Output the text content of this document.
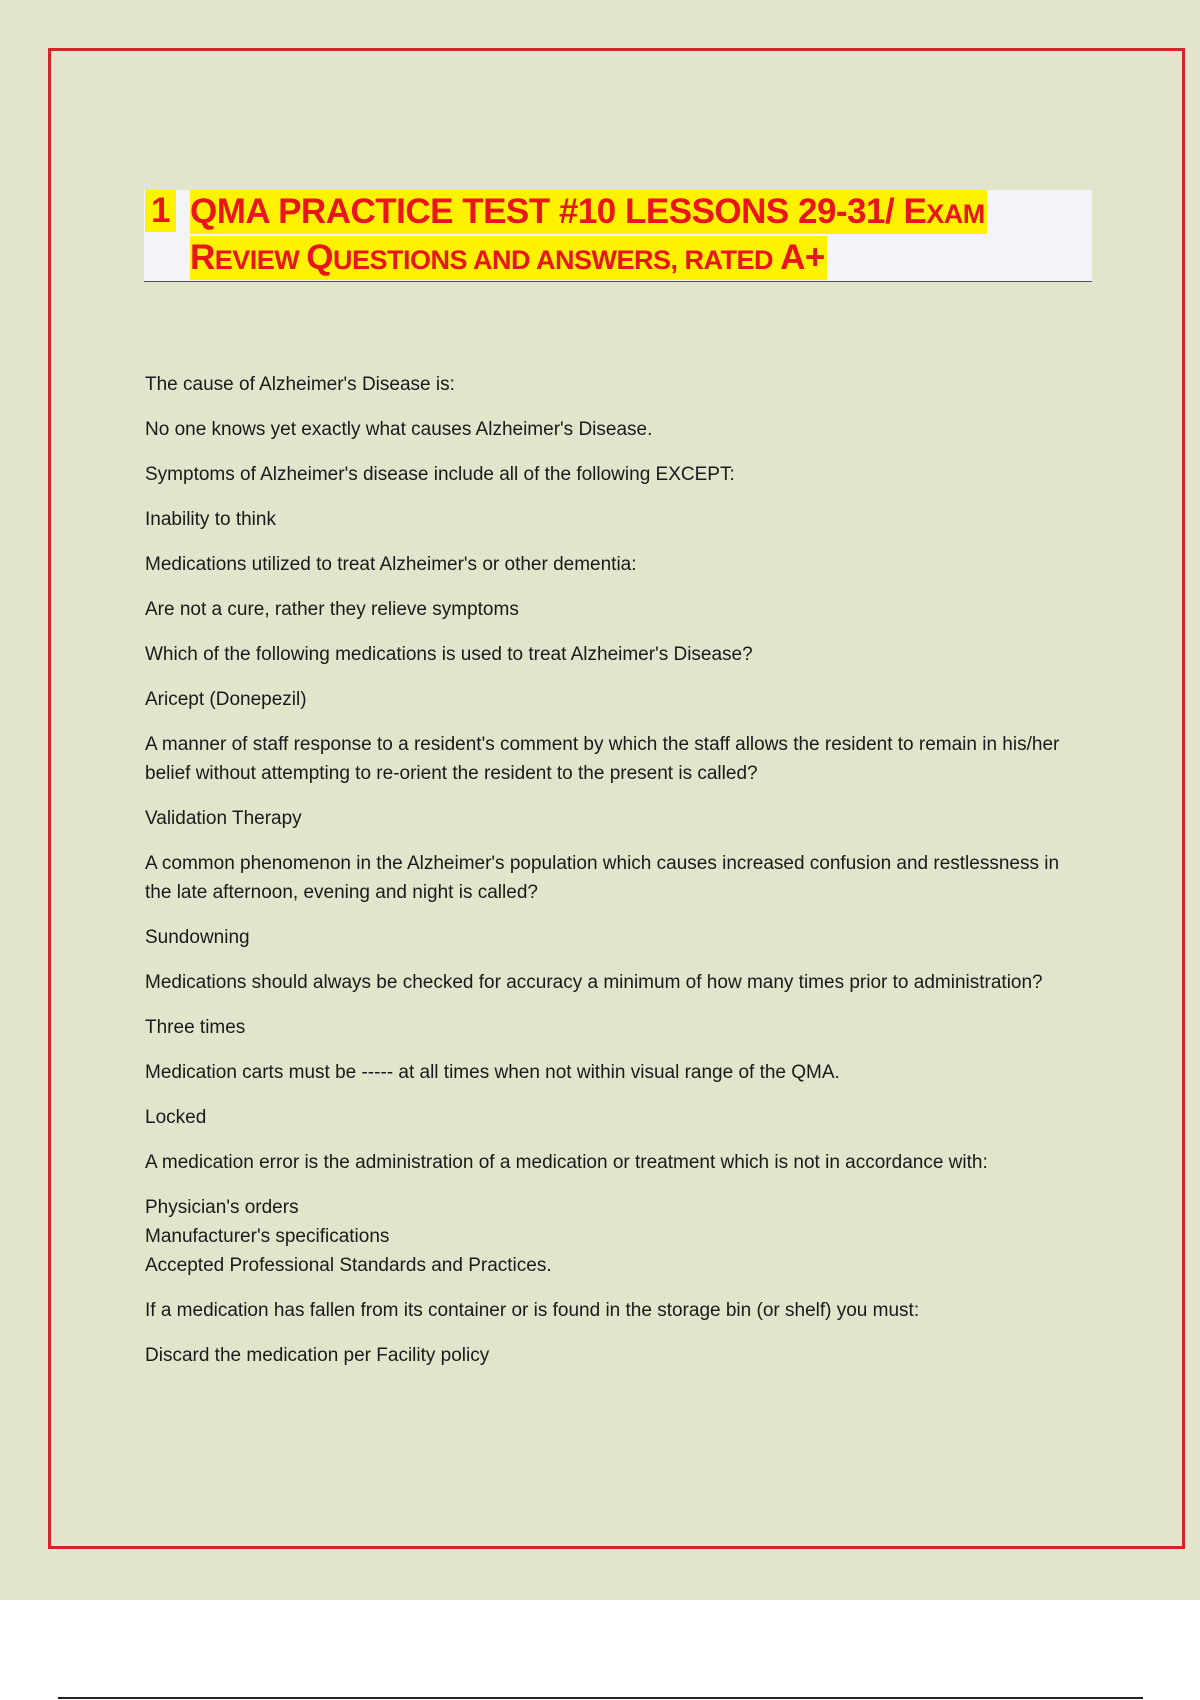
1 QMA PRACTICE TEST #10 LESSONS 29-31/ EXAM
REVIEW QUESTIONS AND ANSWERS, RATED A+

The cause of Alzheimer's Disease is:

No one knows yet exactly what causes Alzheimer's Disease.

Symptoms of Alzheimer's disease include all of the following EXCEPT:

Inability to think

Medications utilized to treat Alzheimer's or other dementia:

Are not a cure, rather they relieve symptoms

Which of the following medications is used to treat Alzheimer's Disease?

Aricept (Donepezil)

A manner of staff response to a resident's comment by which the staff allows the resident to remain in his/her belief without attempting to re-orient the resident to the present is called?

Validation Therapy

A common phenomenon in the Alzheimer's population which causes increased confusion and restlessness in the late afternoon, evening and night is called?

Sundowning

Medications should always be checked for accuracy a minimum of how many times prior to administration?

Three times

Medication carts must be ----- at all times when not within visual range of the QMA.

Locked

A medication error is the administration of a medication or treatment which is not in accordance with:

Physician's orders
Manufacturer's specifications
Accepted Professional Standards and Practices.

If a medication has fallen from its container or is found in the storage bin (or shelf) you must:

Discard the medication per Facility policy
